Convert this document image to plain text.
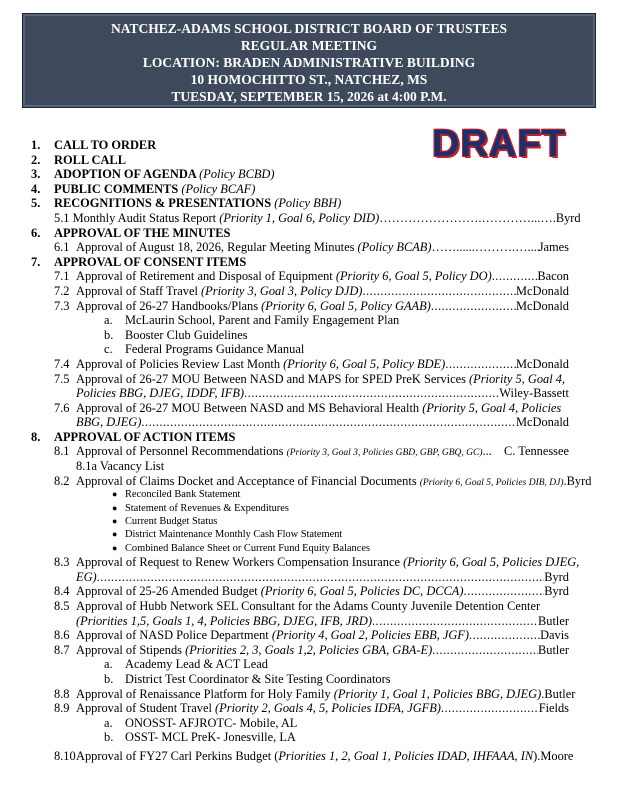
NATCHEZ-ADAMS SCHOOL DISTRICT BOARD OF TRUSTEES
REGULAR MEETING
LOCATION: BRADEN ADMINISTRATIVE BUILDING
10 HOMOCHITTO ST., NATCHEZ, MS
TUESDAY, SEPTEMBER 15, 2026 at 4:00 P.M.
DRAFT
1. CALL TO ORDER
2. ROLL CALL
3. ADOPTION OF AGENDA (Policy BCBD)
4. PUBLIC COMMENTS (Policy BCAF)
5. RECOGNITIONS & PRESENTATIONS (Policy BBH)
5.1 Monthly Audit Status Report (Priority 1, Goal 6, Policy DID)…………………….…………...…. Byrd
6. APPROVAL OF THE MINUTES
6.1 Approval of August 18, 2026, Regular Meeting Minutes (Policy BCAB)……......……….…... ..... James
7. APPROVAL OF CONSENT ITEMS
7.1 Approval of Retirement and Disposal of Equipment (Priority 6, Goal 5, Policy DO) .....	Bacon
7.2 Approval of Staff Travel (Priority 3, Goal 3, Policy DJD) .....	McDonald
7.3 Approval of 26-27 Handbooks/Plans (Priority 6, Goal 5, Policy GAAB) .....	McDonald
a. McLaurin School, Parent and Family Engagement Plan
b. Booster Club Guidelines
c. Federal Programs Guidance Manual
7.4 Approval of Policies Review Last Month (Priority 6, Goal 5, Policy BDE) .....	McDonald
7.5 Approval of 26-27 MOU Between NASD and MAPS for SPED PreK Services (Priority 5, Goal 4,
Policies BBG, DJEG, IDDF, IFB) .....	Wiley-Bassett
7.6 Approval of 26-27 MOU Between NASD and MS Behavioral Health (Priority 5, Goal 4, Policies
BBG, DJEG) .....	McDonald
8. APPROVAL OF ACTION ITEMS
8.1 Approval of Personnel Recommendations (Priority 3, Goal 3, Policies GBD, GBP, GBQ, GC)... C. Tennessee
8.1a Vacancy List
8.2 Approval of Claims Docket and Acceptance of Financial Documents (Priority 6, Goal 5, Policies DIB, DJ). Byrd
● Reconciled Bank Statement
● Statement of Revenues & Expenditures
● Current Budget Status
● District Maintenance Monthly Cash Flow Statement
● Combined Balance Sheet or Current Fund Equity Balances
8.3 Approval of Request to Renew Workers Compensation Insurance (Priority 6, Goal 5, Policies DJEG,
EG) .....	Byrd
8.4 Approval of 25-26 Amended Budget (Priority 6, Goal 5, Policies DC, DCCA) .....	Byrd
8.5 Approval of Hubb Network SEL Consultant for the Adams County Juvenile Detention Center
(Priorities 1,5, Goals 1, 4, Policies BBG, DJEG, IFB, JRD) .....	Butler
8.6 Approval of NASD Police Department (Priority 4, Goal 2, Policies EBB, JGF) .....	Davis
8.7 Approval of Stipends (Priorities 2, 3, Goals 1,2, Policies GBA, GBA-E) .....	Butler
a. Academy Lead & ACT Lead
b. District Test Coordinator & Site Testing Coordinators
8.8 Approval of Renaissance Platform for Holy Family (Priority 1, Goal 1, Policies BBG, DJEG). Butler
8.9 Approval of Student Travel (Priority 2, Goals 4, 5, Policies IDFA, JGFB) .....	Fields
a. ONOSST- AFJROTC- Mobile, AL
b. OSST- MCL PreK- Jonesville, LA
8.10 Approval of FY27 Carl Perkins Budget (Priorities 1, 2, Goal 1, Policies IDAD, IHFAAA, IN). Moore
